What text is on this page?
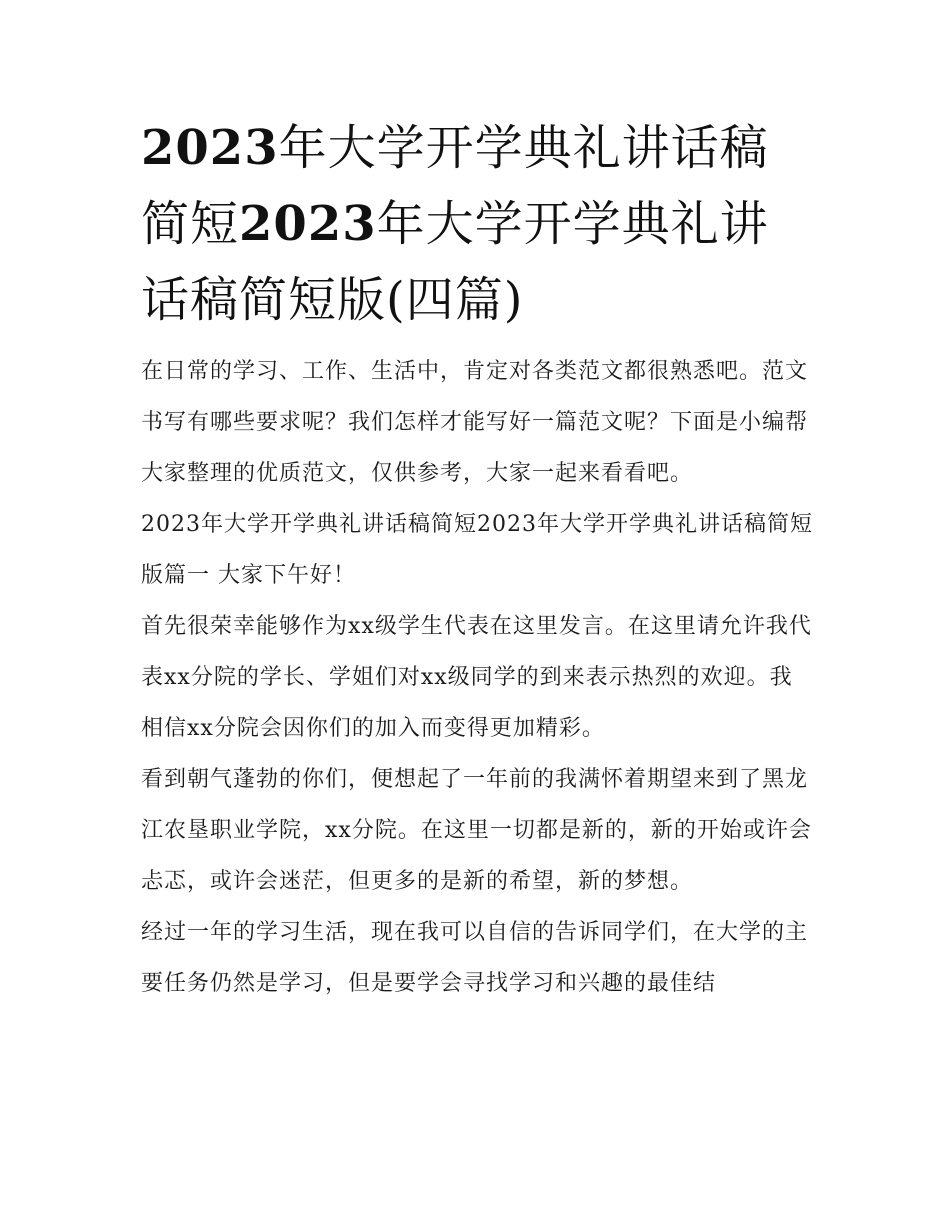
2023年大学开学典礼讲话稿简短2023年大学开学典礼讲话稿简短版(四篇)

在日常的学习、工作、生活中，肯定对各类范文都很熟悉吧。范文书写有哪些要求呢？我们怎样才能写好一篇范文呢？下面是小编帮大家整理的优质范文，仅供参考，大家一起来看看吧。

2023年大学开学典礼讲话稿简短2023年大学开学典礼讲话稿简短版篇一 大家下午好！

首先很荣幸能够作为xx级学生代表在这里发言。在这里请允许我代表xx分院的学长、学姐们对xx级同学的到来表示热烈的欢迎。我相信xx分院会因你们的加入而变得更加精彩。

看到朝气蓬勃的你们，便想起了一年前的我满怀着期望来到了黑龙江农垦职业学院，xx分院。在这里一切都是新的，新的开始或许会忐忑，或许会迷茫，但更多的是新的希望，新的梦想。

经过一年的学习生活，现在我可以自信的告诉同学们，在大学的主要任务仍然是学习，但是要学会寻找学习和兴趣的最佳结
